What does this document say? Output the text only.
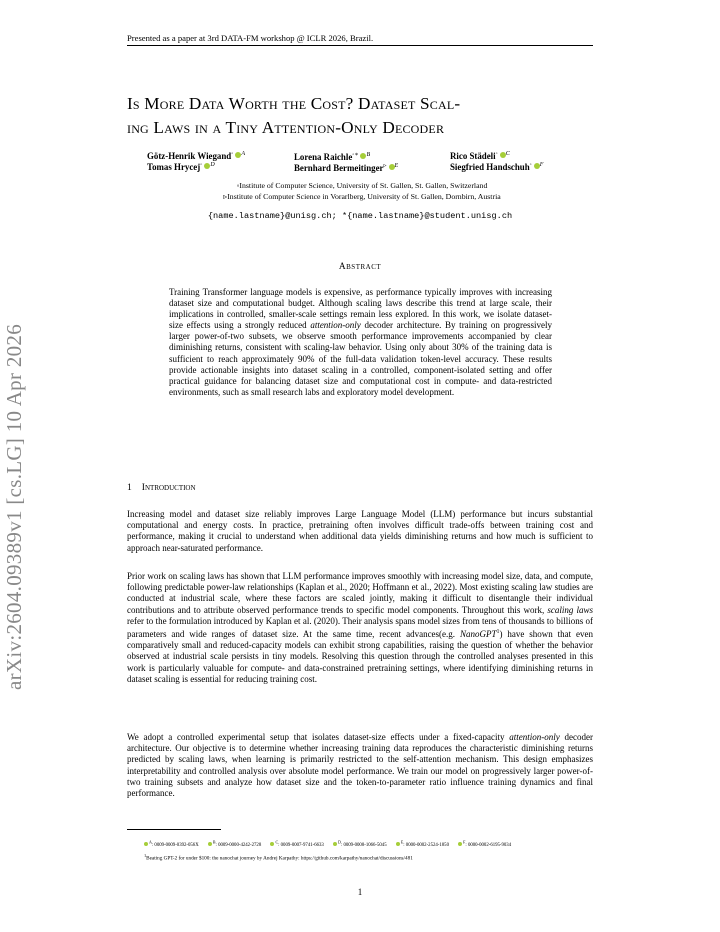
arXiv:2604.09389v1 [cs.LG] 10 Apr 2026
Presented as a paper at 3rd DATA-FM workshop @ ICLR 2026, Brazil.
Is More Data Worth the Cost? Dataset Scal-
ing Laws in a Tiny Attention-Only Decoder
Götz-Henrik Wiegand◦ $^A$	Lorena Raichle◦∗ $^B$	Rico Städeli◦ $^C$
Tomas Hrycej◦ $^D$	Bernhard Bermeitinger▹ $^E$	Siegfried Handschuh◦ $^F$
◦Institute of Computer Science, University of St. Gallen, St. Gallen, Switzerland
▹Institute of Computer Science in Vorarlberg, University of St. Gallen, Dornbirn, Austria
{name.lastname}@unisg.ch; *{name.lastname}@student.unisg.ch
Abstract
Training Transformer language models is expensive, as performance typically improves with increasing dataset size and computational budget. Although scaling laws describe this trend at large scale, their implications in controlled, smaller-scale settings remain less explored. In this work, we isolate dataset-size effects using a strongly reduced attention-only decoder architecture. By training on progressively larger power-of-two subsets, we observe smooth performance improvements accompanied by clear diminishing returns, consistent with scaling-law behavior. Using only about 30% of the training data is sufficient to reach approximately 90% of the full-data validation token-level accuracy. These results provide actionable insights into dataset scaling in a controlled, component-isolated setting and offer practical guidance for balancing dataset size and computational cost in compute- and data-restricted environments, such as small research labs and exploratory model development.
1 Introduction
Increasing model and dataset size reliably improves Large Language Model (LLM) performance but incurs substantial computational and energy costs. In practice, pretraining often involves difficult trade-offs between training cost and performance, making it crucial to understand when additional data yields diminishing returns and how much is sufficient to approach near-saturated performance.
Prior work on scaling laws has shown that LLM performance improves smoothly with increasing model size, data, and compute, following predictable power-law relationships (Kaplan et al., 2020; Hoffmann et al., 2022). Most existing scaling law studies are conducted at industrial scale, where these factors are scaled jointly, making it difficult to disentangle their individual contributions and to attribute observed performance trends to specific model components. Throughout this work, scaling laws refer to the formulation introduced by Kaplan et al. (2020). Their analysis spans model sizes from tens of thousands to billions of parameters and wide ranges of dataset size. At the same time, recent advances(e.g. NanoGPT$^1$) have shown that even comparatively small and reduced-capacity models can exhibit strong capabilities, raising the question of whether the behavior observed at industrial scale persists in tiny models. Resolving this question through the controlled analyses presented in this work is particularly valuable for compute- and data-constrained pretraining settings, where identifying diminishing returns in dataset scaling is essential for reducing training cost.
We adopt a controlled experimental setup that isolates dataset-size effects under a fixed-capacity attention-only decoder architecture. Our objective is to determine whether increasing training data reproduces the characteristic diminishing returns predicted by scaling laws, when learning is primarily restricted to the self-attention mechanism. This design emphasizes interpretability and controlled analysis over absolute model performance. We train our model on progressively larger power-of-two training subsets and analyze how dataset size and the token-to-parameter ratio influence training dynamics and final performance.
$^A$: 0009-0009-0392-056X $^B$: 0009-0000-4242-2728 $^C$: 0009-0007-9741-6633 $^D$: 0009-0008-1066-5045 $^E$: 0000-0002-2524-1850 $^F$: 0000-0002-6195-9034
$^1$Beating GPT-2 for under $100: the nanochat journey by Andrej Karpathy: https://github.com/karpathy/nanochat/discussions/481
1
